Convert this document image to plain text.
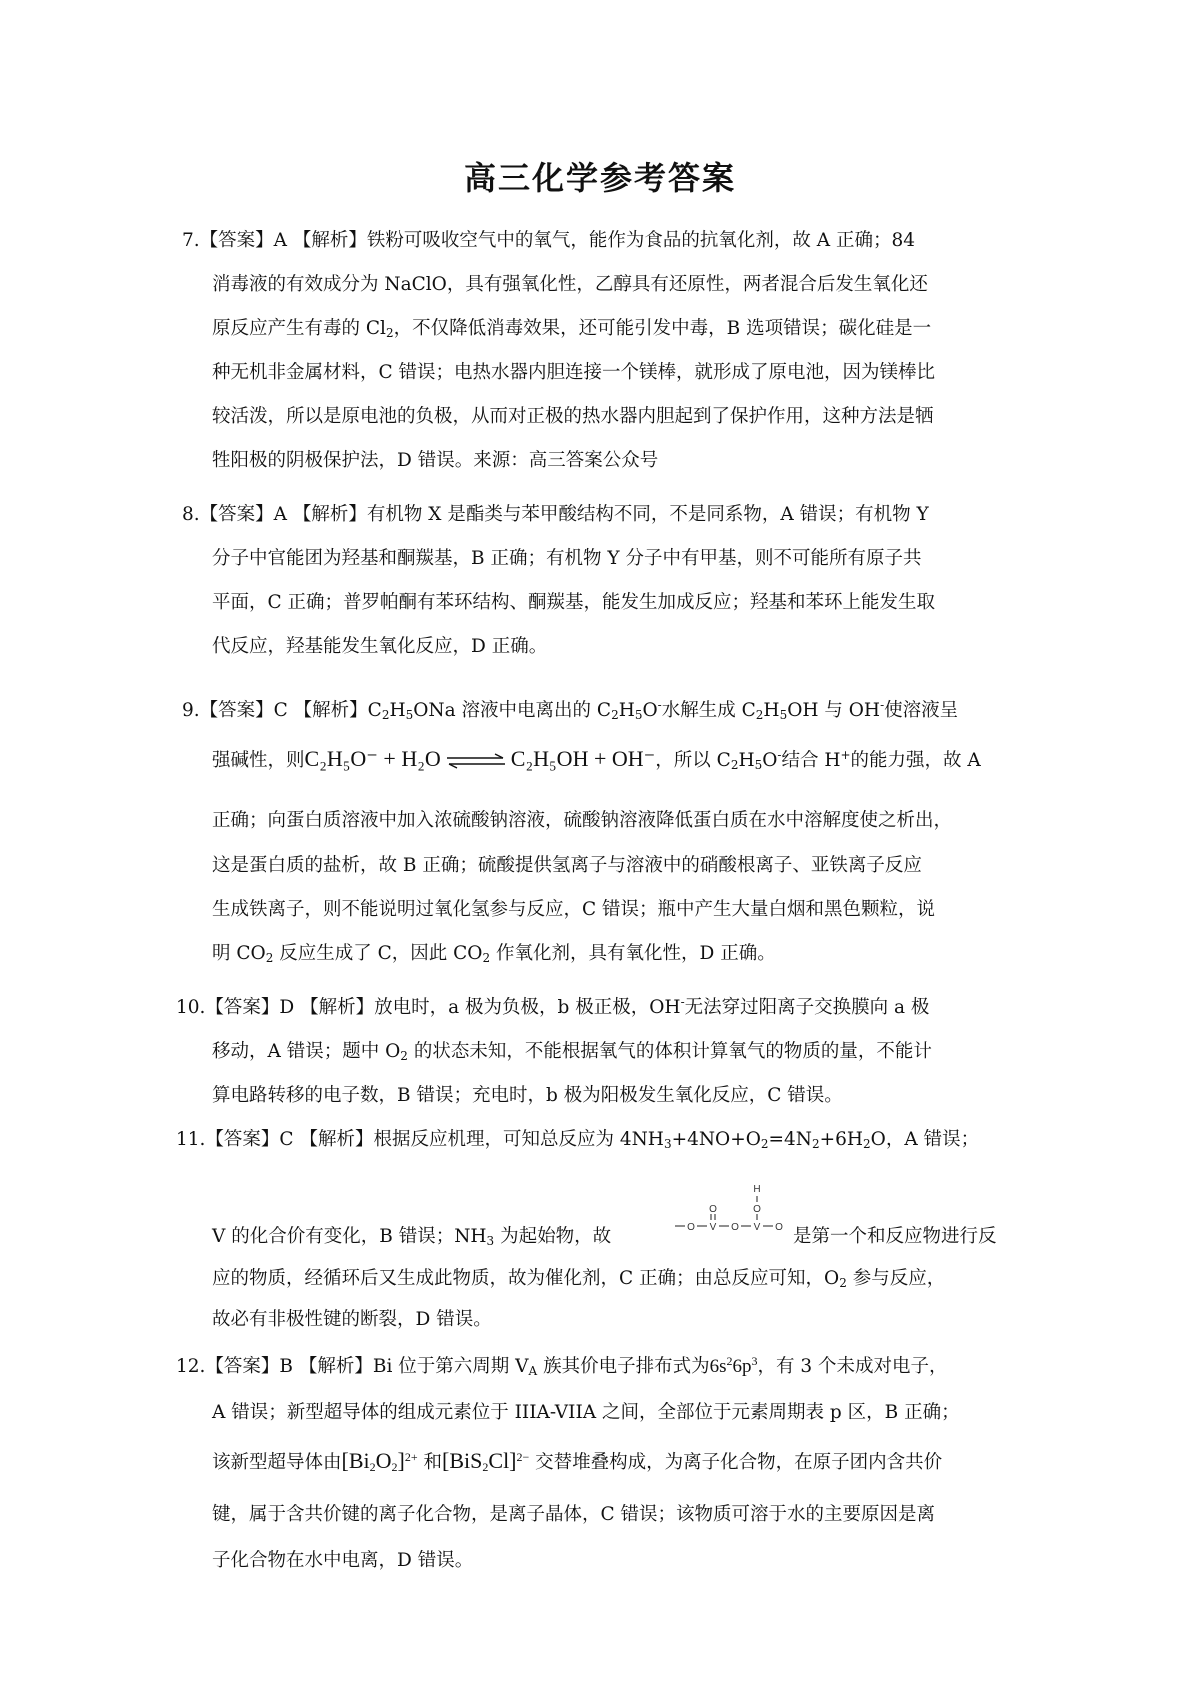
高三化学参考答案
7.【答案】A 【解析】铁粉可吸收空气中的氧气，能作为食品的抗氧化剂，故 A 正确；84
消毒液的有效成分为 NaClO，具有强氧化性，乙醇具有还原性，两者混合后发生氧化还
原反应产生有毒的 $Cl_2$，不仅降低消毒效果，还可能引发中毒，B 选项错误；碳化硅是一
种无机非金属材料，C 错误；电热水器内胆连接一个镁棒，就形成了原电池，因为镁棒比
较活泼，所以是原电池的负极，从而对正极的热水器内胆起到了保护作用，这种方法是牺
牲阳极的阴极保护法，D 错误。来源：高三答案公众号
8.【答案】A 【解析】有机物 X 是酯类与苯甲酸结构不同，不是同系物，A 错误；有机物 Y
分子中官能团为羟基和酮羰基，B 正确；有机物 Y 分子中有甲基，则不可能所有原子共
平面，C 正确；普罗帕酮有苯环结构、酮羰基，能发生加成反应；羟基和苯环上能发生取
代反应，羟基能发生氧化反应，D 正确。
9.【答案】C 【解析】$C_2H_5ONa$ 溶液中电离出的 $C_2H_5O^-$水解生成 $C_2H_5OH$ 与 OH-使溶液呈
强碱性，则C₂H₅O⁻ + H₂O ⇌ C₂H₅OH + OH⁻，所以 $C_2H_5O^-$结合 H+的能力强，故 A
正确；向蛋白质溶液中加入浓硫酸钠溶液，硫酸钠溶液降低蛋白质在水中溶解度使之析出，
这是蛋白质的盐析，故 B 正确；硫酸提供氢离子与溶液中的硝酸根离子、亚铁离子反应
生成铁离子，则不能说明过氧化氢参与反应，C 错误；瓶中产生大量白烟和黑色颗粒，说
明 $CO_2$ 反应生成了 C，因此 $CO_2$ 作氧化剂，具有氧化性，D 正确。
10.【答案】D 【解析】放电时，a 极为负极，b 极正极，OH-无法穿过阳离子交换膜向 a 极
移动，A 错误；题中 $O_2$ 的状态未知，不能根据氧气的体积计算氧气的物质的量，不能计
算电路转移的电子数，B 错误；充电时，b 极为阳极发生氧化反应，C 错误。
11.【答案】C 【解析】根据反应机理，可知总反应为 $4NH_3+4NO+O_2=4N_2+6H_2O$，A 错误；
V 的化合价有变化，B 错误；$NH_3$ 为起始物，故	是第一个和反应物进行反
应的物质，经循环后又生成此物质，故为催化剂，C 正确；由总反应可知，$O_2$ 参与反应，
故必有非极性键的断裂，D 错误。
O V O V O
O	O
H
12.【答案】B 【解析】Bi 位于第六周期 $V_A$ 族其价电子排布式为$6s^26p^3$，有 3 个未成对电子，
A 错误；新型超导体的组成元素位于 IIIA-VIIA 之间，全部位于元素周期表 p 区，B 正确；
该新型超导体由$[Bi_2O_2]^{2+}$ 和$[BiS_2Cl]^{2-}$ 交替堆叠构成，为离子化合物，在原子团内含共价
键，属于含共价键的离子化合物，是离子晶体，C 错误；该物质可溶于水的主要原因是离
子化合物在水中电离，D 错误。
